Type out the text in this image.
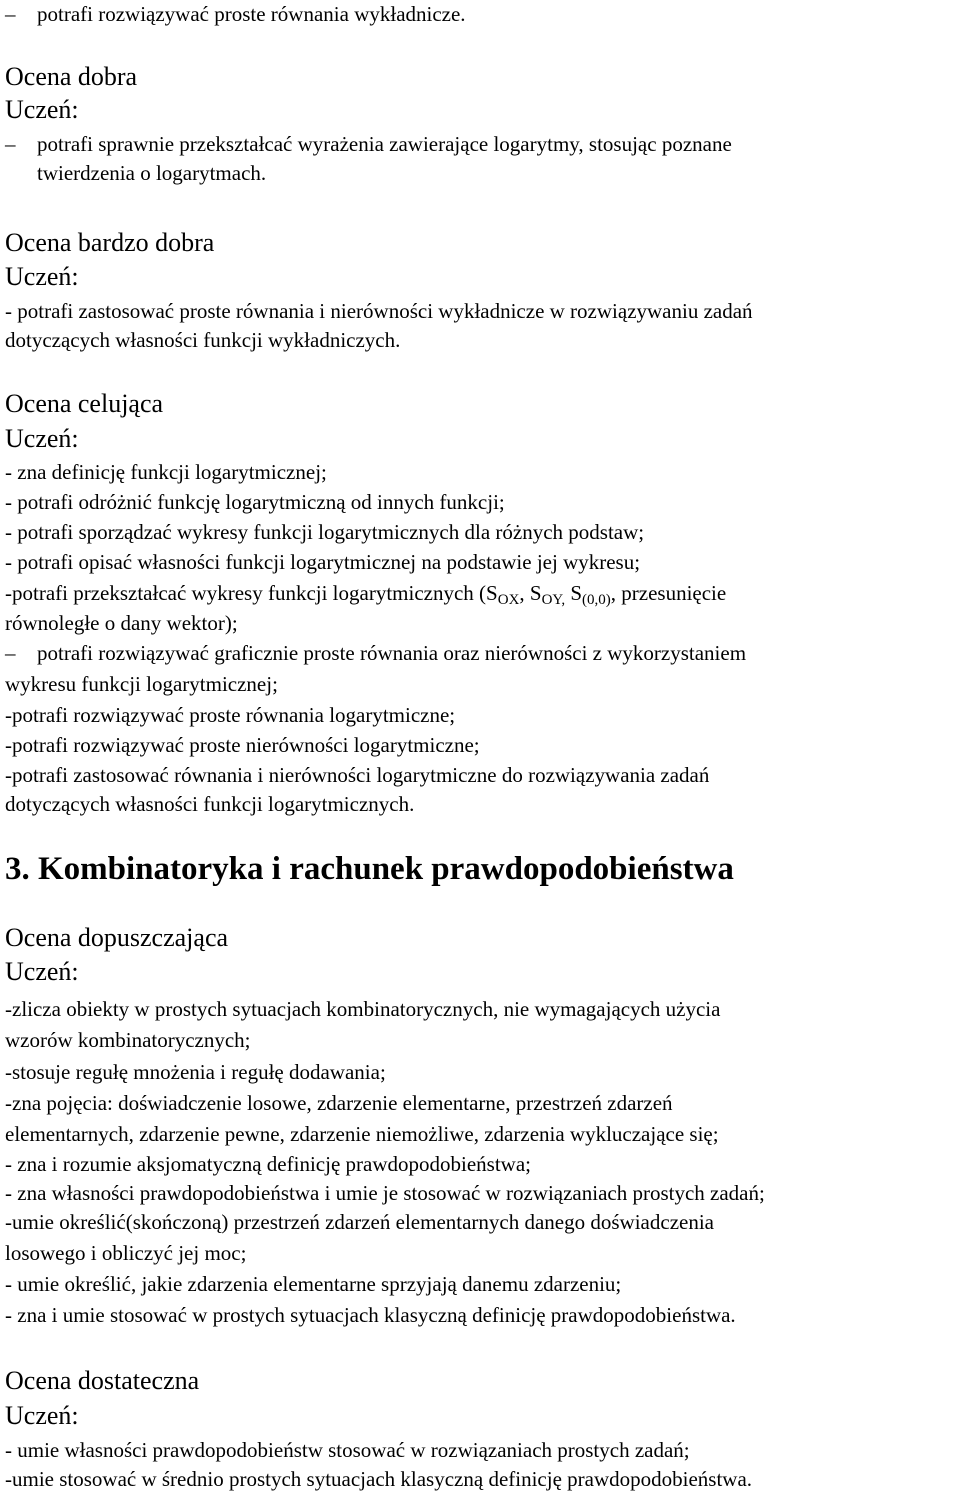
– potrafi rozwiązywać proste równania wykładnicze.
Ocena dobra
Uczeń:
– potrafi sprawnie przekształcać wyrażenia zawierające logarytmy, stosując poznane
twierdzenia o logarytmach.
Ocena bardzo dobra
Uczeń:
- potrafi zastosować proste równania i nierówności wykładnicze w rozwiązywaniu zadań
dotyczących własności funkcji wykładniczych.
Ocena celująca
Uczeń:
- zna definicję funkcji logarytmicznej;
- potrafi odróżnić funkcję logarytmiczną od innych funkcji;
- potrafi sporządzać wykresy funkcji logarytmicznych dla różnych podstaw;
- potrafi opisać własności funkcji logarytmicznej na podstawie jej wykresu;
-potrafi przekształcać wykresy funkcji logarytmicznych ($S_{OX}$, $S_{OY,}$ $S_{(0,0)}$, przesunięcie
równoległe o dany wektor);
– potrafi rozwiązywać graficznie proste równania oraz nierówności z wykorzystaniem
wykresu funkcji logarytmicznej;
-potrafi rozwiązywać proste równania logarytmiczne;
-potrafi rozwiązywać proste nierówności logarytmiczne;
-potrafi zastosować równania i nierówności logarytmiczne do rozwiązywania zadań
dotyczących własności funkcji logarytmicznych.
3. Kombinatoryka i rachunek prawdopodobieństwa
Ocena dopuszczająca
Uczeń:
-zlicza obiekty w prostych sytuacjach kombinatorycznych, nie wymagających użycia
wzorów kombinatorycznych;
-stosuje regułę mnożenia i regułę dodawania;
-zna pojęcia: doświadczenie losowe, zdarzenie elementarne, przestrzeń zdarzeń
elementarnych, zdarzenie pewne, zdarzenie niemożliwe, zdarzenia wykluczające się;
- zna i rozumie aksjomatyczną definicję prawdopodobieństwa;
- zna własności prawdopodobieństwa i umie je stosować w rozwiązaniach prostych zadań;
-umie określić(skończoną) przestrzeń zdarzeń elementarnych danego doświadczenia
losowego i obliczyć jej moc;
- umie określić, jakie zdarzenia elementarne sprzyjają danemu zdarzeniu;
- zna i umie stosować w prostych sytuacjach klasyczną definicję prawdopodobieństwa.
Ocena dostateczna
Uczeń:
- umie własności prawdopodobieństw stosować w rozwiązaniach prostych zadań;
-umie stosować w średnio prostych sytuacjach klasyczną definicję prawdopodobieństwa.
